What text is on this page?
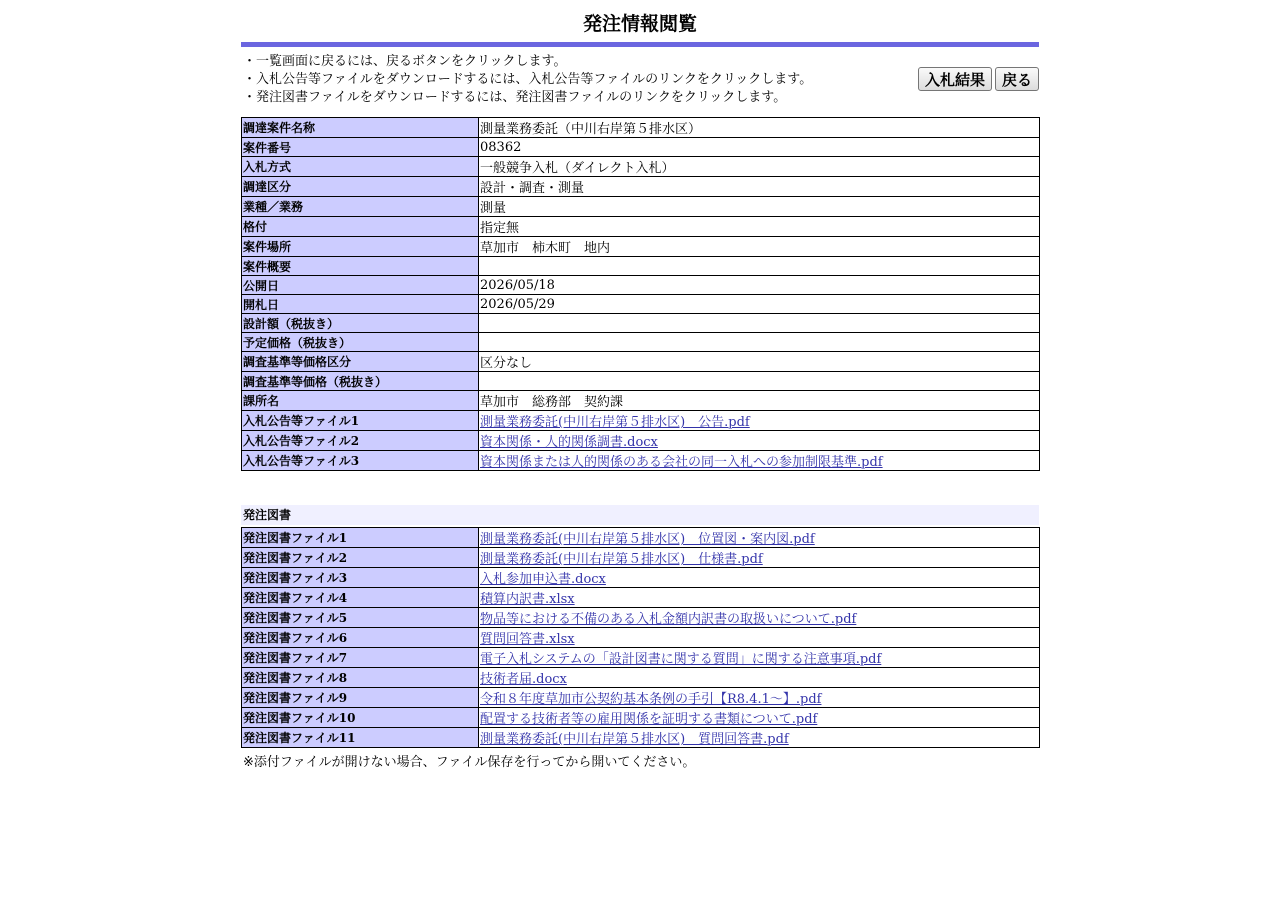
発注情報閲覧
・一覧画面に戻るには、戻るボタンをクリックします。
・入札公告等ファイルをダウンロードするには、入札公告等ファイルのリンクをクリックします。
・発注図書ファイルをダウンロードするには、発注図書ファイルのリンクをクリックします。
入札結果	戻る
調達案件名称	測量業務委託（中川右岸第５排水区）
案件番号	08362
入札方式	一般競争入札（ダイレクト入札）
調達区分	設計・調査・測量
業種／業務	測量
格付	指定無
案件場所	草加市　柿木町　地内
案件概要	
公開日	2026/05/18
開札日	2026/05/29
設計額（税抜き）	
予定価格（税抜き）	
調査基準等価格区分	区分なし
調査基準等価格（税抜き）	
課所名	草加市　総務部　契約課
入札公告等ファイル1	測量業務委託(中川右岸第５排水区)　公告.pdf
入札公告等ファイル2	資本関係・人的関係調書.docx
入札公告等ファイル3	資本関係または人的関係のある会社の同一入札への参加制限基準.pdf
発注図書
発注図書ファイル1	測量業務委託(中川右岸第５排水区)　位置図・案内図.pdf
発注図書ファイル2	測量業務委託(中川右岸第５排水区)　仕様書.pdf
発注図書ファイル3	入札参加申込書.docx
発注図書ファイル4	積算内訳書.xlsx
発注図書ファイル5	物品等における不備のある入札金額内訳書の取扱いについて.pdf
発注図書ファイル6	質問回答書.xlsx
発注図書ファイル7	電子入札システムの「設計図書に関する質問」に関する注意事項.pdf
発注図書ファイル8	技術者届.docx
発注図書ファイル9	令和８年度草加市公契約基本条例の手引【R8.4.1～】.pdf
発注図書ファイル10	配置する技術者等の雇用関係を証明する書類について.pdf
発注図書ファイル11	測量業務委託(中川右岸第５排水区)　質問回答書.pdf
※添付ファイルが開けない場合、ファイル保存を行ってから開いてください。
